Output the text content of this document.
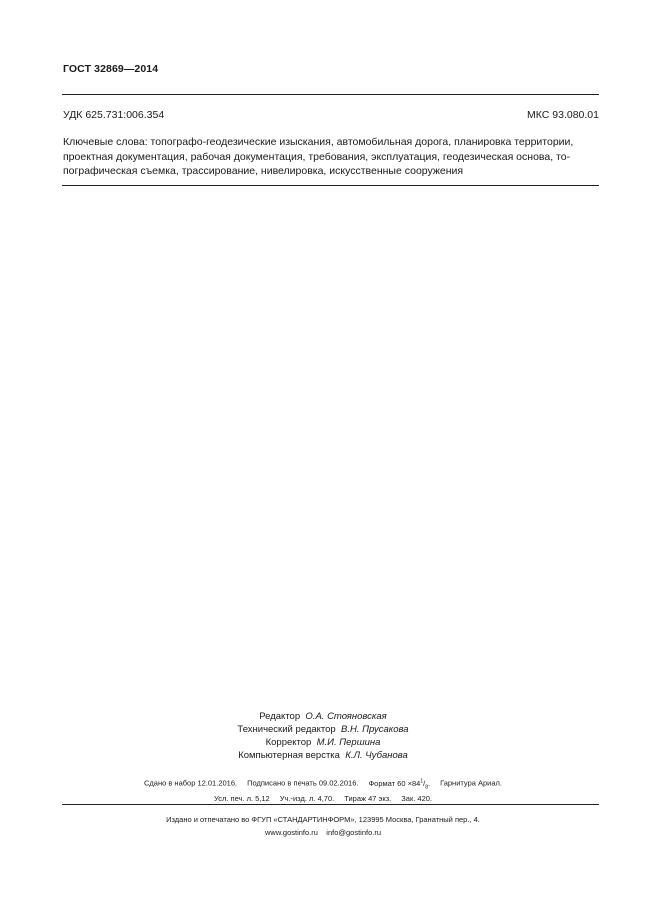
ГОСТ 32869—2014
УДК 625.731:006.354	МКС 93.080.01
Ключевые слова: топографо-геодезические изыскания, автомобильная дорога, планировка территории,
проектная документация, рабочая документация, требования, эксплуатация, геодезическая основа, то-
пографическая съемка, трассирование, нивелировка, искусственные сооружения
Редактор О.А. Стояновская
Технический редактор В.Н. Прусакова
Корректор М.И. Першина
Компьютерная верстка К.Л. Чубанова
Сдано в набор 12.01.2016. Подписано в печать 09.02.2016. Формат $60 \times 84^1/_8$. Гарнитура Ариал.
Усл. печ. л. 5,12 Уч.-изд. л. 4,70. Тираж 47 экз. Зак. 420.
Издано и отпечатано во ФГУП «СТАНДАРТИНФОРМ», 123995 Москва, Гранатный пер., 4.
www.gostinfo.ru info@gostinfo.ru
